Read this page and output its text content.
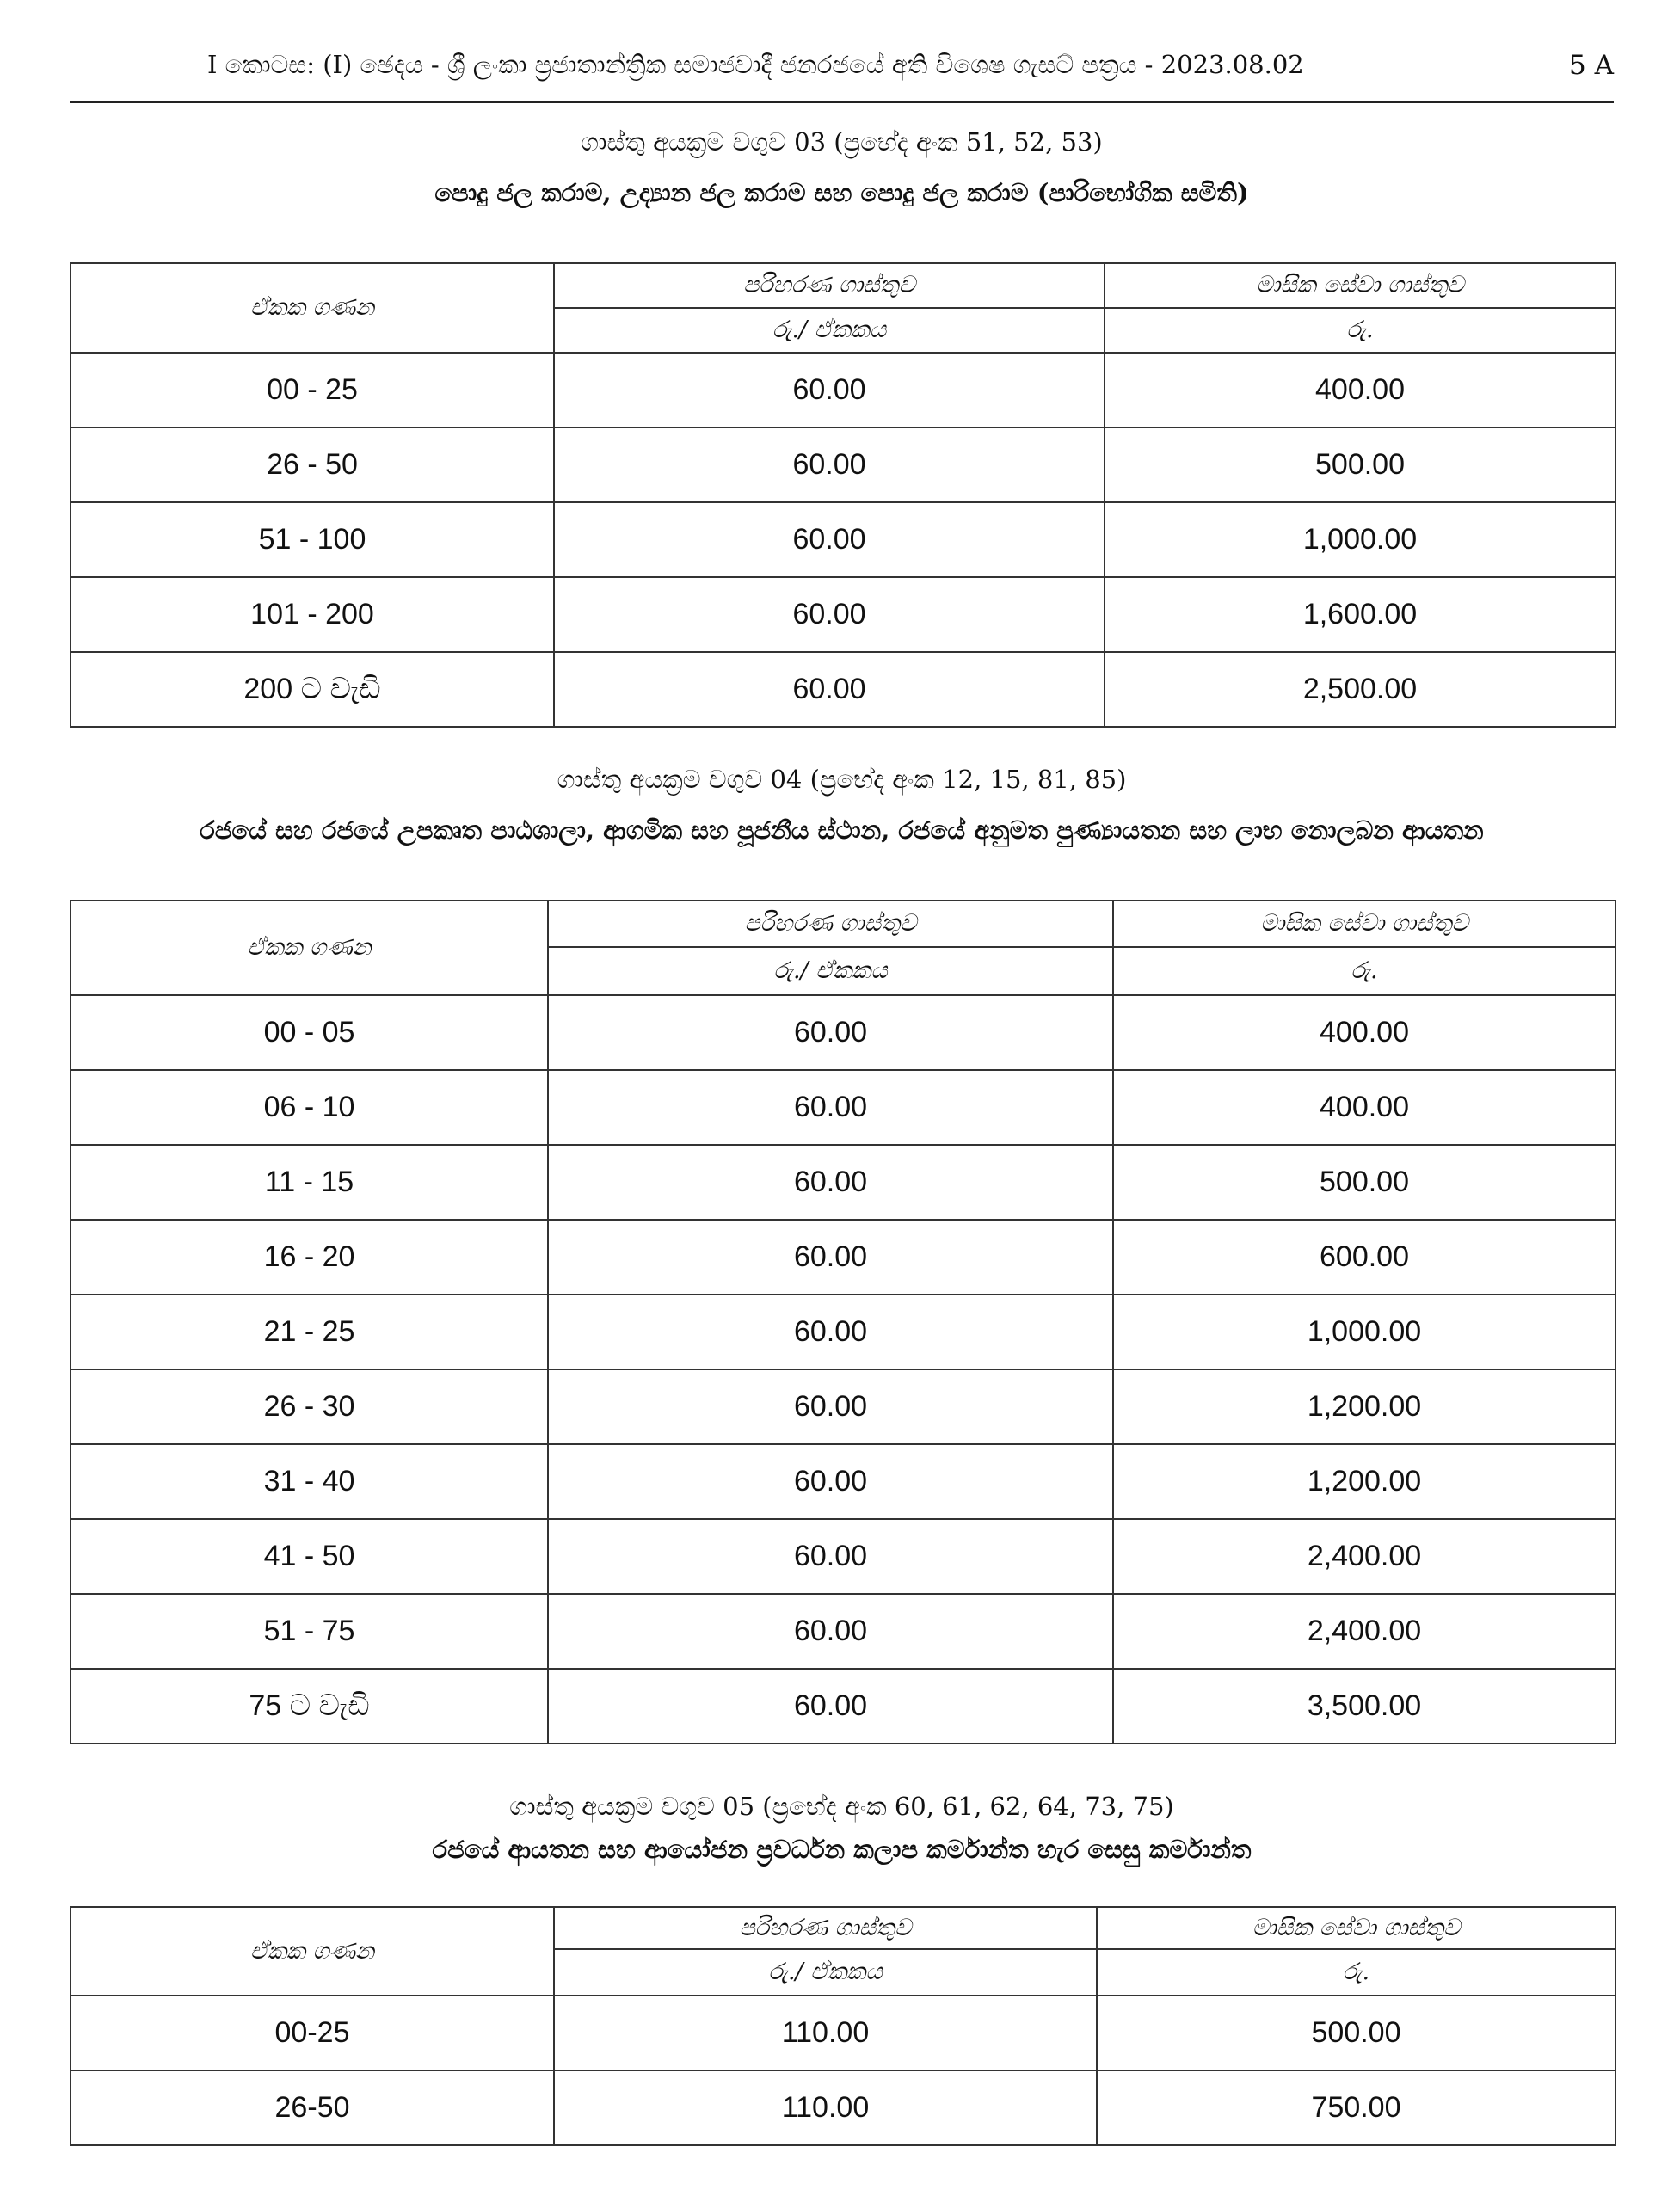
I කොටස: (I) ඡෙදය - ශ්‍රී ලංකා ප්‍රජාතාන්ත්‍රික සමාජවාදී ජනරජයේ අති විශෙෂ ගැසට් පත්‍රය - 2023.08.02	5 A
ගාස්තු අයක්‍රම වගුව 03 (ප්‍රභේද අංක 51, 52, 53)
පොදු ජල කරාම, උද්‍යාන ජල කරාම සහ පොදු ජල කරාම (පාරිභෝගික සමිති)
ඒකක ගණන	පරිහරණ ගාස්තුව	මාසික සේවා ගාස්තුව
	රු./ ඒකකය	රු.
00 - 25	60.00	400.00
26 - 50	60.00	500.00
51 - 100	60.00	1,000.00
101 - 200	60.00	1,600.00
200 ට වැඩි	60.00	2,500.00
ගාස්තු අයක්‍රම වගුව 04 (ප්‍රභේද අංක 12, 15, 81, 85)
රජයේ සහ රජයේ උපකෘත පාඨශාලා, ආගමික සහ පූජනීය ස්ථාන, රජයේ අනුමත පුණ්‍යායතන සහ ලාභ නොලබන ආයතන
ඒකක ගණන	පරිහරණ ගාස්තුව	මාසික සේවා ගාස්තුව
	රු./ ඒකකය	රු.
00 - 05	60.00	400.00
06 - 10	60.00	400.00
11 - 15	60.00	500.00
16 - 20	60.00	600.00
21 - 25	60.00	1,000.00
26 - 30	60.00	1,200.00
31 - 40	60.00	1,200.00
41 - 50	60.00	2,400.00
51 - 75	60.00	2,400.00
75 ට වැඩි	60.00	3,500.00
ගාස්තු අයක්‍රම වගුව 05 (ප්‍රභේද අංක 60, 61, 62, 64, 73, 75)
රජයේ ආයතන සහ ආයෝජන ප්‍රවර්ධන කලාප කර්මාන්ත හැර සෙසු කර්මාන්ත
ඒකක ගණන	පරිහරණ ගාස්තුව	මාසික සේවා ගාස්තුව
	රු./ ඒකකය	රු.
00-25	110.00	500.00
26-50	110.00	750.00
